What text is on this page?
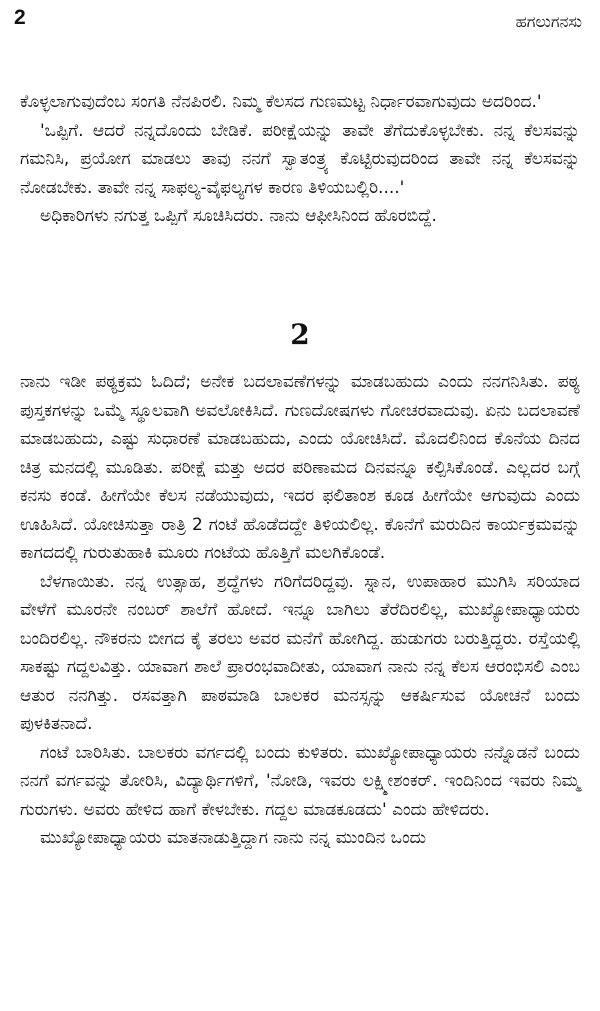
2	ಹಗಲುಗನಸು

ಕೊಳ್ಳಲಾಗುವುದೆಂಬ ಸಂಗತಿ ನೆನಪಿರಲಿ. ನಿಮ್ಮ ಕೆಲಸದ ಗುಣಮಟ್ಟ ನಿರ್ಧಾರವಾಗುವುದು ಅದರಿಂದ.'

'ಒಪ್ಪಿಗೆ. ಆದರೆ ನನ್ನದೊಂದು ಬೇಡಿಕೆ. ಪರೀಕ್ಷೆಯನ್ನು ತಾವೇ ತೆಗೆದುಕೊಳ್ಳಬೇಕು. ನನ್ನ ಕೆಲಸವನ್ನು ಗಮನಿಸಿ, ಪ್ರಯೋಗ ಮಾಡಲು ತಾವು ನನಗೆ ಸ್ವಾತಂತ್ರ್ಯ ಕೊಟ್ಟಿರುವುದರಿಂದ ತಾವೇ ನನ್ನ ಕೆಲಸವನ್ನು ನೋಡಬೇಕು. ತಾವೇ ನನ್ನ ಸಾಫಲ್ಯ-ವೈಫಲ್ಯಗಳ ಕಾರಣ ತಿಳಿಯಬಲ್ಲಿರಿ....'

ಅಧಿಕಾರಿಗಳು ನಗುತ್ತ ಒಪ್ಪಿಗೆ ಸೂಚಿಸಿದರು. ನಾನು ಆಫೀಸಿನಿಂದ ಹೊರಬಿದ್ದೆ.

2

ನಾನು ಇಡೀ ಪಠ್ಯಕ್ರಮ ಓದಿದೆ; ಅನೇಕ ಬದಲಾವಣೆಗಳನ್ನು ಮಾಡಬಹುದು ಎಂದು ನನಗನಿಸಿತು. ಪಠ್ಯ ಪುಸ್ತಕಗಳನ್ನು ಒಮ್ಮೆ ಸ್ಥೂಲವಾಗಿ ಅವಲೋಕಿಸಿದೆ. ಗುಣದೋಷಗಳು ಗೋಚರವಾದುವು. ಏನು ಬದಲಾವಣೆ ಮಾಡಬಹುದು, ಎಷ್ಟು ಸುಧಾರಣೆ ಮಾಡಬಹುದು, ಎಂದು ಯೋಚಿಸಿದೆ. ಮೊದಲಿನಿಂದ ಕೊನೆಯ ದಿನದ ಚಿತ್ರ ಮನದಲ್ಲಿ ಮೂಡಿತು. ಪರೀಕ್ಷೆ ಮತ್ತು ಅದರ ಪರಿಣಾಮದ ದಿನವನ್ನೂ ಕಲ್ಪಿಸಿಕೊಂಡೆ. ಎಲ್ಲದರ ಬಗ್ಗೆ ಕನಸು ಕಂಡೆ. ಹೀಗೆಯೇ ಕೆಲಸ ನಡೆಯುವುದು, ಇದರ ಫಲಿತಾಂಶ ಕೂಡ ಹೀಗೆಯೇ ಆಗುವುದು ಎಂದು ಊಹಿಸಿದೆ. ಯೋಚಿಸುತ್ತಾ ರಾತ್ರಿ 2 ಗಂಟೆ ಹೊಡೆದದ್ದೇ ತಿಳಿಯಲಿಲ್ಲ. ಕೊನೆಗೆ ಮರುದಿನ ಕಾರ್ಯಕ್ರಮವನ್ನು ಕಾಗದದಲ್ಲಿ ಗುರುತುಹಾಕಿ ಮೂರು ಗಂಟೆಯ ಹೊತ್ತಿಗೆ ಮಲಗಿಕೊಂಡೆ.

ಬೆಳಗಾಯಿತು. ನನ್ನ ಉತ್ಸಾಹ, ಶ್ರದ್ಧೆಗಳು ಗರಿಗೆದರಿದ್ದವು. ಸ್ನಾನ, ಉಪಾಹಾರ ಮುಗಿಸಿ ಸರಿಯಾದ ವೇಳೆಗೆ ಮೂರನೇ ನಂಬರ್ ಶಾಲೆಗೆ ಹೋದೆ. ಇನ್ನೂ ಬಾಗಿಲು ತೆರೆದಿರಲಿಲ್ಲ, ಮುಖ್ಯೋಪಾಧ್ಯಾಯರು ಬಂದಿರಲಿಲ್ಲ. ನೌಕರನು ಬೀಗದ ಕೈ ತರಲು ಅವರ ಮನೆಗೆ ಹೋಗಿದ್ದ. ಹುಡುಗರು ಬರುತ್ತಿದ್ದರು. ರಸ್ತೆಯಲ್ಲಿ ಸಾಕಷ್ಟು ಗದ್ದಲವಿತ್ತು. ಯಾವಾಗ ಶಾಲೆ ಪ್ರಾರಂಭವಾದೀತು, ಯಾವಾಗ ನಾನು ನನ್ನ ಕೆಲಸ ಆರಂಭಿಸಲಿ ಎಂಬ ಆತುರ ನನಗಿತ್ತು. ರಸವತ್ತಾಗಿ ಪಾಠಮಾಡಿ ಬಾಲಕರ ಮನಸ್ಸನ್ನು ಆಕರ್ಷಿಸುವ ಯೋಚನೆ ಬಂದು ಪುಳಕಿತನಾದೆ.

ಗಂಟೆ ಬಾರಿಸಿತು. ಬಾಲಕರು ವರ್ಗದಲ್ಲಿ ಬಂದು ಕುಳಿತರು. ಮುಖ್ಯೋಪಾಧ್ಯಾಯರು ನನ್ನೊಡನೆ ಬಂದು ನನಗೆ ವರ್ಗವನ್ನು ತೋರಿಸಿ, ವಿದ್ಯಾರ್ಥಿಗಳಿಗೆ, 'ನೋಡಿ, ಇವರು ಲಕ್ಷ್ಮೀಶಂಕರ್. ಇಂದಿನಿಂದ ಇವರು ನಿಮ್ಮ ಗುರುಗಳು. ಅವರು ಹೇಳಿದ ಹಾಗೆ ಕೇಳಬೇಕು. ಗದ್ದಲ ಮಾಡಕೂಡದು' ಎಂದು ಹೇಳಿದರು.

ಮುಖ್ಯೋಪಾಧ್ಯಾಯರು ಮಾತನಾಡುತ್ತಿದ್ದಾಗ ನಾನು ನನ್ನ ಮುಂದಿನ ಒಂದು
